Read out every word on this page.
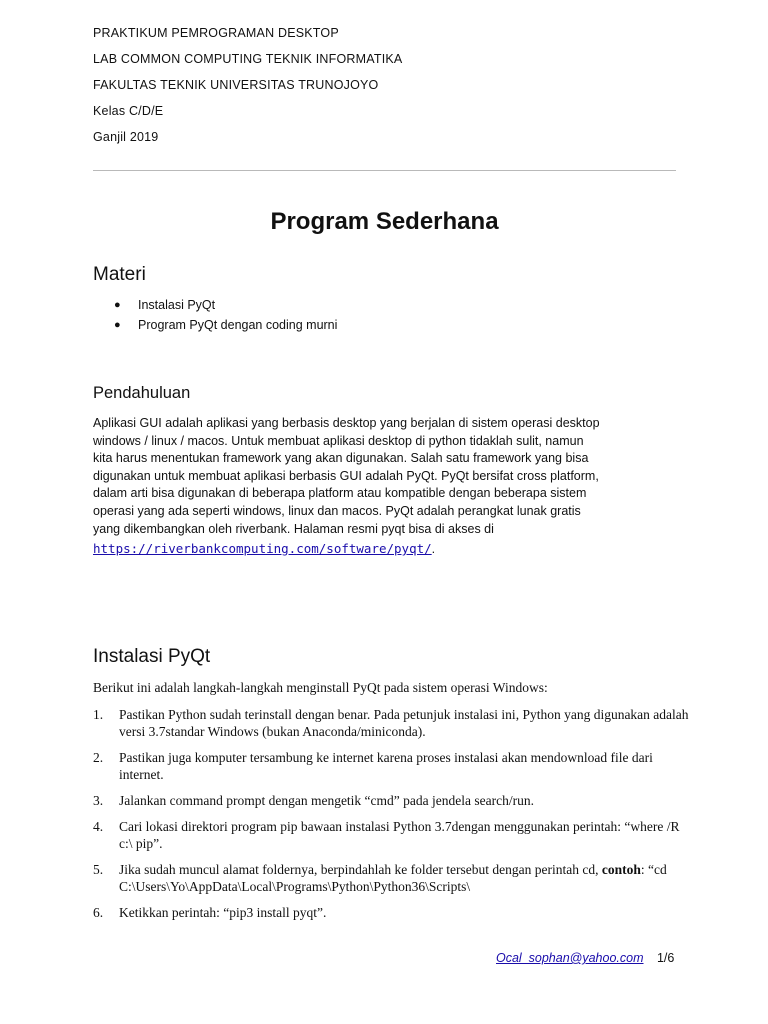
PRAKTIKUM PEMROGRAMAN DESKTOP
LAB COMMON COMPUTING TEKNIK INFORMATIKA
FAKULTAS TEKNIK UNIVERSITAS TRUNOJOYO
Kelas C/D/E
Ganjil 2019
Program Sederhana
Materi
● Instalasi PyQt
● Program PyQt dengan coding murni
Pendahuluan
Aplikasi GUI adalah aplikasi yang berbasis desktop yang berjalan di sistem operasi desktop
windows / linux / macos. Untuk membuat aplikasi desktop di python tidaklah sulit, namun
kita harus menentukan framework yang akan digunakan. Salah satu framework yang bisa
digunakan untuk membuat aplikasi berbasis GUI adalah PyQt. PyQt bersifat cross platform,
dalam arti bisa digunakan di beberapa platform atau kompatible dengan beberapa sistem
operasi yang ada seperti windows, linux dan macos. PyQt adalah perangkat lunak gratis
yang dikembangkan oleh riverbank. Halaman resmi pyqt bisa di akses di
https://riverbankcomputing.com/software/pyqt/.
Instalasi PyQt
Berikut ini adalah langkah-langkah menginstall PyQt pada sistem operasi Windows:
1. Pastikan Python sudah terinstall dengan benar. Pada petunjuk instalasi ini, Python yang digunakan adalah versi 3.7standar Windows (bukan Anaconda/miniconda).
2. Pastikan juga komputer tersambung ke internet karena proses instalasi akan mendownload file dari internet.
3. Jalankan command prompt dengan mengetik “cmd” pada jendela search/run.
4. Cari lokasi direktori program pip bawaan instalasi Python 3.7dengan menggunakan perintah: “where /R c:\ pip”.
5. Jika sudah muncul alamat foldernya, berpindahlah ke folder tersebut dengan perintah cd, contoh: “cd C:\Users\Yo\AppData\Local\Programs\Python\Python36\Scripts\
6. Ketikkan perintah: “pip3 install pyqt”.
Ocal_sophan@yahoo.com 1/6
